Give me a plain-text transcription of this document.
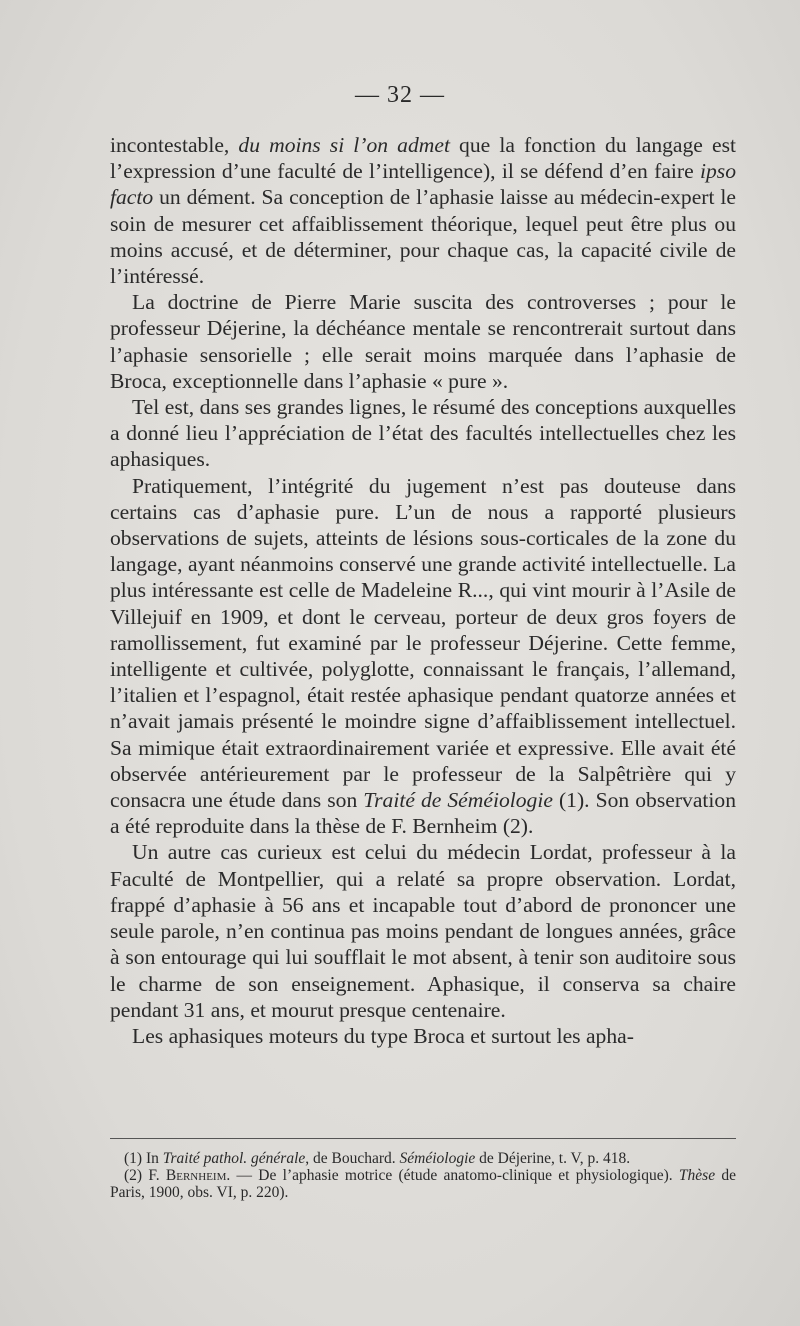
— 32 —

incontestable, du moins si l’on admet que la fonction du langage est l’expression d’une faculté de l’intelligence), il se défend d’en faire ipso facto un dément. Sa conception de l’aphasie laisse au médecin-expert le soin de mesurer cet affaiblissement théorique, lequel peut être plus ou moins accusé, et de déterminer, pour chaque cas, la capacité civile de l’intéressé.

La doctrine de Pierre Marie suscita des controverses ; pour le professeur Déjerine, la déchéance mentale se rencontrerait surtout dans l’aphasie sensorielle ; elle serait moins marquée dans l’aphasie de Broca, exceptionnelle dans l’aphasie « pure ».

Tel est, dans ses grandes lignes, le résumé des conceptions auxquelles a donné lieu l’appréciation de l’état des facultés intellectuelles chez les aphasiques.

Pratiquement, l’intégrité du jugement n’est pas douteuse dans certains cas d’aphasie pure. L’un de nous a rapporté plusieurs observations de sujets, atteints de lésions sous-corticales de la zone du langage, ayant néanmoins conservé une grande activité intellectuelle. La plus intéressante est celle de Madeleine R..., qui vint mourir à l’Asile de Villejuif en 1909, et dont le cerveau, porteur de deux gros foyers de ramollissement, fut examiné par le professeur Déjerine. Cette femme, intelligente et cultivée, polyglotte, connaissant le français, l’allemand, l’italien et l’espagnol, était restée aphasique pendant quatorze années et n’avait jamais présenté le moindre signe d’affaiblissement intellectuel. Sa mimique était extraordinairement variée et expressive. Elle avait été observée antérieurement par le professeur de la Salpêtrière qui y consacra une étude dans son Traité de Séméiologie (1). Son observation a été reproduite dans la thèse de F. Bernheim (2).

Un autre cas curieux est celui du médecin Lordat, professeur à la Faculté de Montpellier, qui a relaté sa propre observation. Lordat, frappé d’aphasie à 56 ans et incapable tout d’abord de prononcer une seule parole, n’en continua pas moins pendant de longues années, grâce à son entourage qui lui soufflait le mot absent, à tenir son auditoire sous le charme de son enseignement. Aphasique, il conserva sa chaire pendant 31 ans, et mourut presque centenaire.

Les aphasiques moteurs du type Broca et surtout les apha-

(1) In Traité pathol. générale, de Bouchard. Séméiologie de Déjerine, t. V, p. 418.

(2) F. Bernheim. — De l’aphasie motrice (étude anatomo-clinique et physiologique). Thèse de Paris, 1900, obs. VI, p. 220).
